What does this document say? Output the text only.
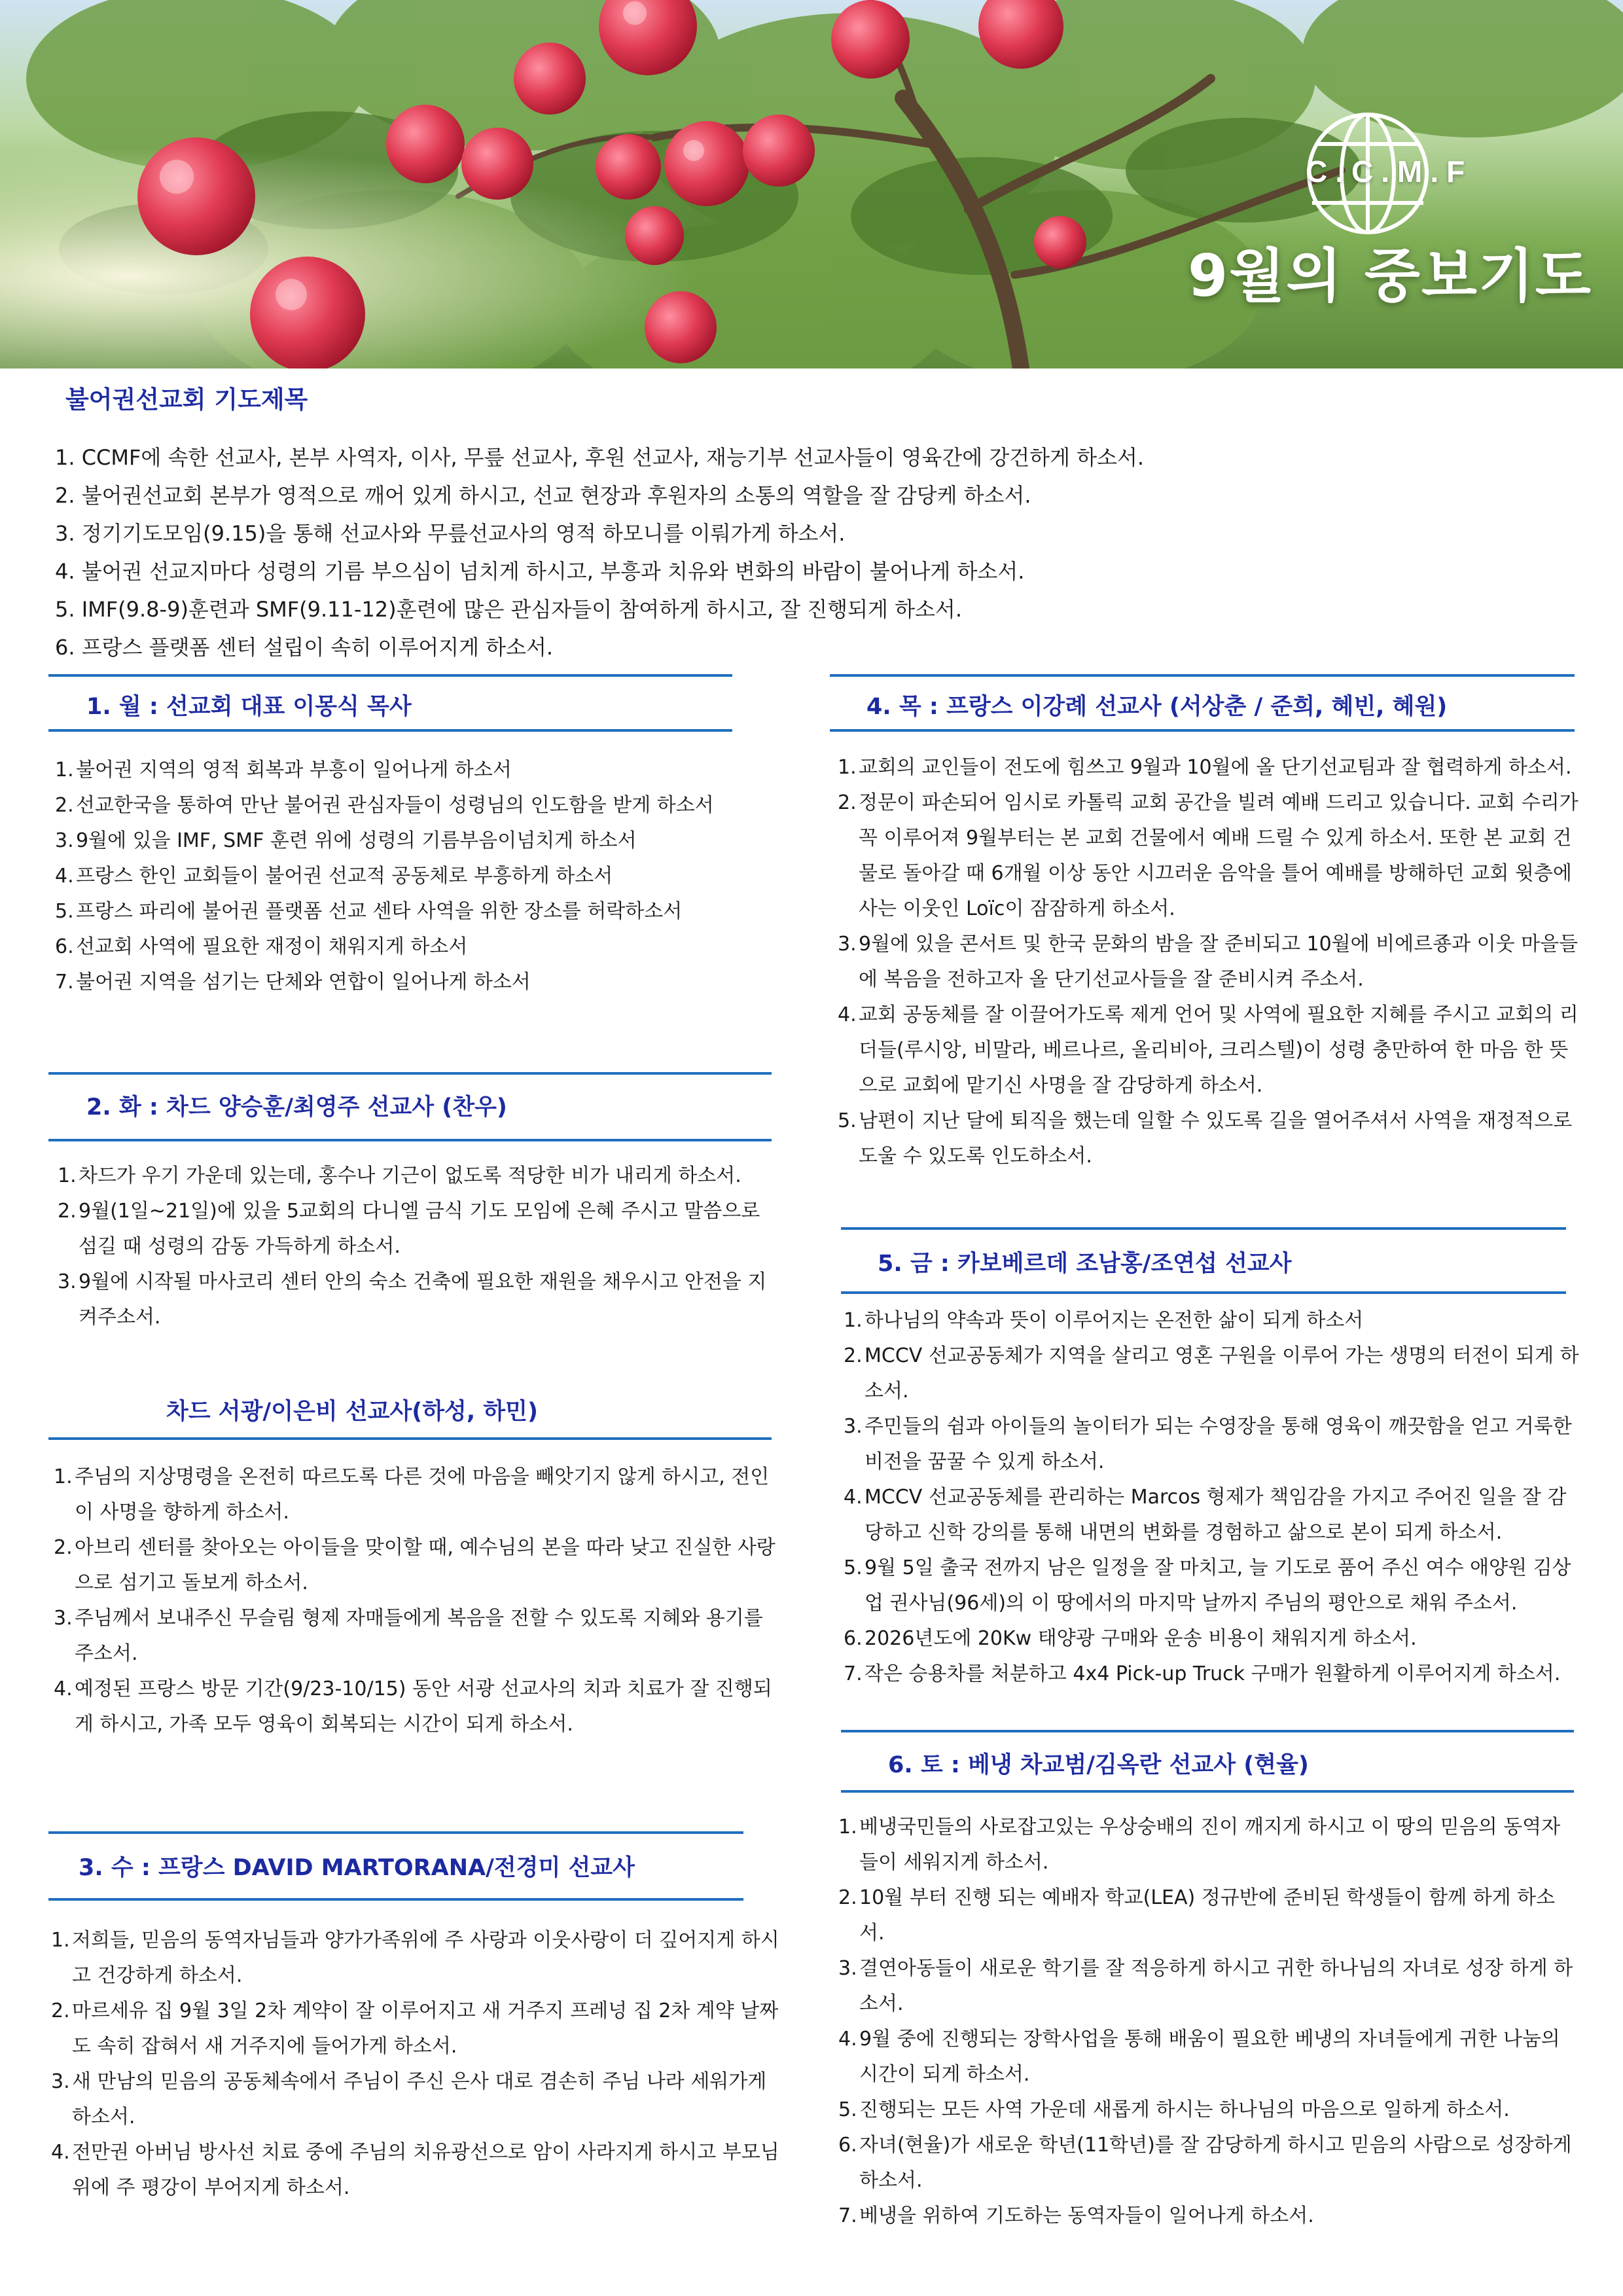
C.C.M.F
9월의 중보기도
불어권선교회 기도제목
1. CCMF에 속한 선교사, 본부 사역자, 이사, 무릎 선교사, 후원 선교사, 재능기부 선교사들이 영육간에 강건하게 하소서.
2. 불어권선교회 본부가 영적으로 깨어 있게 하시고, 선교 현장과 후원자의 소통의 역할을 잘 감당케 하소서.
3. 정기기도모임(9.15)을 통해 선교사와 무릎선교사의 영적 하모니를 이뤄가게 하소서.
4. 불어권 선교지마다 성령의 기름 부으심이 넘치게 하시고, 부흥과 치유와 변화의 바람이 불어나게 하소서.
5. IMF(9.8-9)훈련과 SMF(9.11-12)훈련에 많은 관심자들이 참여하게 하시고, 잘 진행되게 하소서.
6. 프랑스 플랫폼 센터 설립이 속히 이루어지게 하소서.
1. 월 : 선교회 대표 이몽식 목사
1. 불어권 지역의 영적 회복과 부흥이 일어나게 하소서
2. 선교한국을 통하여 만난 불어권 관심자들이 성령님의 인도함을 받게 하소서
3. 9월에 있을 IMF, SMF 훈련 위에 성령의 기름부음이넘치게 하소서
4. 프랑스 한인 교회들이 불어권 선교적 공동체로 부흥하게 하소서
5. 프랑스 파리에 불어권 플랫폼 선교 센타 사역을 위한 장소를 허락하소서
6. 선교회 사역에 필요한 재정이 채워지게 하소서
7. 불어권 지역을 섬기는 단체와 연합이 일어나게 하소서
2. 화 : 차드 양승훈/최영주 선교사 (찬우)
1. 차드가 우기 가운데 있는데, 홍수나 기근이 없도록 적당한 비가 내리게 하소서.
2. 9월(1일~21일)에 있을 5교회의 다니엘 금식 기도 모임에 은혜 주시고 말씀으로 섬길 때 성령의 감동 가득하게 하소서.
3. 9월에 시작될 마사코리 센터 안의 숙소 건축에 필요한 재원을 채우시고 안전을 지켜주소서.
차드 서광/이은비 선교사(하성, 하민)
1. 주님의 지상명령을 온전히 따르도록 다른 것에 마음을 빼앗기지 않게 하시고, 전인이 사명을 향하게 하소서.
2. 아브리 센터를 찾아오는 아이들을 맞이할 때, 예수님의 본을 따라 낮고 진실한 사랑으로 섬기고 돌보게 하소서.
3. 주님께서 보내주신 무슬림 형제 자매들에게 복음을 전할 수 있도록 지혜와 용기를 주소서.
4. 예정된 프랑스 방문 기간(9/23-10/15) 동안 서광 선교사의 치과 치료가 잘 진행되게 하시고, 가족 모두 영육이 회복되는 시간이 되게 하소서.
3. 수 : 프랑스 DAVID MARTORANA/전경미 선교사
1. 저희들, 믿음의 동역자님들과 양가가족위에 주 사랑과 이웃사랑이 더 깊어지게 하시고 건강하게 하소서.
2. 마르세유 집 9월 3일 2차 계약이 잘 이루어지고 새 거주지 프레넝 집 2차 계약 날짜도 속히 잡혀서 새 거주지에 들어가게 하소서.
3. 새 만남의 믿음의 공동체속에서 주님이 주신 은사 대로 겸손히 주님 나라 세워가게 하소서.
4. 전만권 아버님 방사선 치료 중에 주님의 치유광선으로 암이 사라지게 하시고 부모님 위에 주 평강이 부어지게 하소서.
4. 목 : 프랑스 이강례 선교사 (서상춘 / 준희, 혜빈, 혜원)
1. 교회의 교인들이 전도에 힘쓰고 9월과 10월에 올 단기선교팀과 잘 협력하게 하소서.
2. 정문이 파손되어 임시로 카톨릭 교회 공간을 빌려 예배 드리고 있습니다. 교회 수리가 꼭 이루어져 9월부터는 본 교회 건물에서 예배 드릴 수 있게 하소서. 또한 본 교회 건물로 돌아갈 때 6개월 이상 동안 시끄러운 음악을 틀어 예배를 방해하던 교회 윗층에 사는 이웃인 Loïc이 잠잠하게 하소서.
3. 9월에 있을 콘서트 및 한국 문화의 밤을 잘 준비되고 10월에 비에르죵과 이웃 마을들에 복음을 전하고자 올 단기선교사들을 잘 준비시켜 주소서.
4. 교회 공동체를 잘 이끌어가도록 제게 언어 및 사역에 필요한 지혜를 주시고 교회의 리더들(루시앙, 비말라, 베르나르, 올리비아, 크리스텔)이 성령 충만하여 한 마음 한 뜻으로 교회에 맡기신 사명을 잘 감당하게 하소서.
5. 남편이 지난 달에 퇴직을 했는데 일할 수 있도록 길을 열어주셔서 사역을 재정적으로 도울 수 있도록 인도하소서.
5. 금 : 카보베르데 조남홍/조연섭 선교사
1. 하나님의 약속과 뜻이 이루어지는 온전한 삶이 되게 하소서
2. MCCV 선교공동체가 지역을 살리고 영혼 구원을 이루어 가는 생명의 터전이 되게 하소서.
3. 주민들의 쉼과 아이들의 놀이터가 되는 수영장을 통해 영육이 깨끗함을 얻고 거룩한 비전을 꿈꿀 수 있게 하소서.
4. MCCV 선교공동체를 관리하는 Marcos 형제가 책임감을 가지고 주어진 일을 잘 감당하고 신학 강의를 통해 내면의 변화를 경험하고 삶으로 본이 되게 하소서.
5. 9월 5일 출국 전까지 남은 일정을 잘 마치고, 늘 기도로 품어 주신 여수 애양원 김상업 권사님(96세)의 이 땅에서의 마지막 날까지 주님의 평안으로 채워 주소서.
6. 2026년도에 20Kw 태양광 구매와 운송 비용이 채워지게 하소서.
7. 작은 승용차를 처분하고 4x4 Pick-up Truck 구매가 원활하게 이루어지게 하소서.
6. 토 : 베냉 차교범/김옥란 선교사 (현율)
1. 베냉국민들의 사로잡고있는 우상숭배의 진이 깨지게 하시고 이 땅의 믿음의 동역자들이 세워지게 하소서.
2. 10월 부터 진행 되는 예배자 학교(LEA) 정규반에 준비된 학생들이 함께 하게 하소서.
3. 결연아동들이 새로운 학기를 잘 적응하게 하시고 귀한 하나님의 자녀로 성장 하게 하소서.
4. 9월 중에 진행되는 장학사업을 통해 배움이 필요한 베냉의 자녀들에게 귀한 나눔의 시간이 되게 하소서.
5. 진행되는 모든 사역 가운데 새롭게 하시는 하나님의 마음으로 일하게 하소서.
6. 자녀(현율)가 새로운 학년(11학년)를 잘 감당하게 하시고 믿음의 사람으로 성장하게 하소서.
7. 베냉을 위하여 기도하는 동역자들이 일어나게 하소서.
